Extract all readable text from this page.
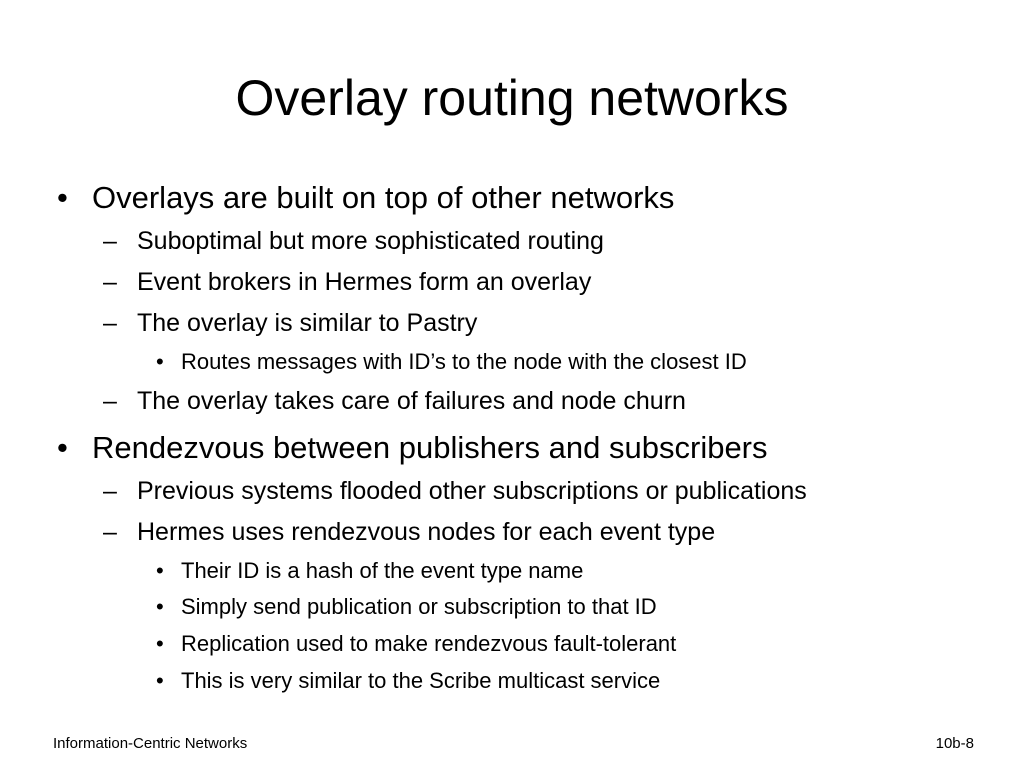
Overlay routing networks
• Overlays are built on top of other networks
– Suboptimal but more sophisticated routing
– Event brokers in Hermes form an overlay
– The overlay is similar to Pastry
• Routes messages with ID’s to the node with the closest ID
– The overlay takes care of failures and node churn
• Rendezvous between publishers and subscribers
– Previous systems flooded other subscriptions or publications
– Hermes uses rendezvous nodes for each event type
• Their ID is a hash of the event type name
• Simply send publication or subscription to that ID
• Replication used to make rendezvous fault-tolerant
• This is very similar to the Scribe multicast service
Information-Centric Networks	10b-8
